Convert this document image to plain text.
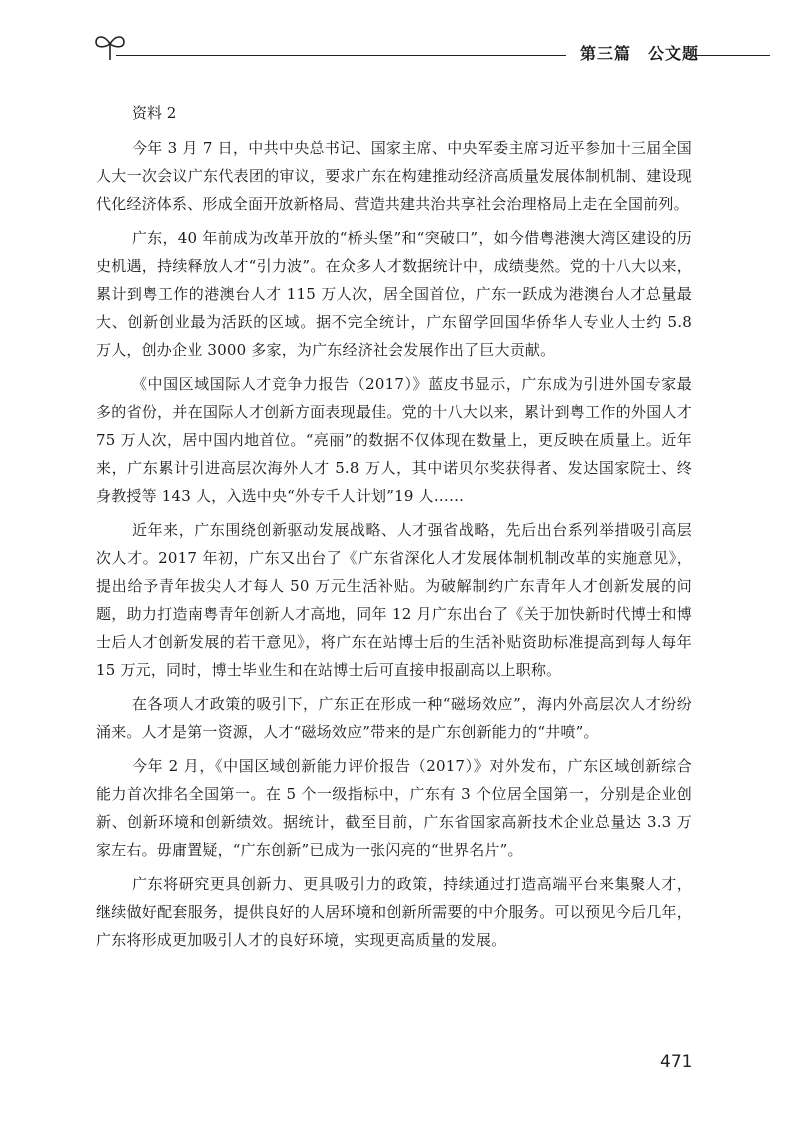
第三篇　公文题
资料 2

今年 3 月 7 日，中共中央总书记、国家主席、中央军委主席习近平参加十三届全国人大一次会议广东代表团的审议，要求广东在构建推动经济高质量发展体制机制、建设现代化经济体系、形成全面开放新格局、营造共建共治共享社会治理格局上走在全国前列。

广东，40 年前成为改革开放的“桥头堡”和“突破口”，如今借粤港澳大湾区建设的历史机遇，持续释放人才“引力波”。在众多人才数据统计中，成绩斐然。党的十八大以来，累计到粤工作的港澳台人才 115 万人次，居全国首位，广东一跃成为港澳台人才总量最大、创新创业最为活跃的区域。据不完全统计，广东留学回国华侨华人专业人士约 5.8 万人，创办企业 3000 多家，为广东经济社会发展作出了巨大贡献。

《中国区域国际人才竞争力报告（2017）》蓝皮书显示，广东成为引进外国专家最多的省份，并在国际人才创新方面表现最佳。党的十八大以来，累计到粤工作的外国人才 75 万人次，居中国内地首位。“亮丽”的数据不仅体现在数量上，更反映在质量上。近年来，广东累计引进高层次海外人才 5.8 万人，其中诺贝尔奖获得者、发达国家院士、终身教授等 143 人，入选中央“外专千人计划”19 人……

近年来，广东围绕创新驱动发展战略、人才强省战略，先后出台系列举措吸引高层次人才。2017 年初，广东又出台了《广东省深化人才发展体制机制改革的实施意见》，提出给予青年拔尖人才每人 50 万元生活补贴。为破解制约广东青年人才创新发展的问题，助力打造南粤青年创新人才高地，同年 12 月广东出台了《关于加快新时代博士和博士后人才创新发展的若干意见》，将广东在站博士后的生活补贴资助标准提高到每人每年 15 万元，同时，博士毕业生和在站博士后可直接申报副高以上职称。

在各项人才政策的吸引下，广东正在形成一种“磁场效应”，海内外高层次人才纷纷涌来。人才是第一资源，人才“磁场效应”带来的是广东创新能力的“井喷”。

今年 2 月，《中国区域创新能力评价报告（2017）》对外发布，广东区域创新综合能力首次排名全国第一。在 5 个一级指标中，广东有 3 个位居全国第一，分别是企业创新、创新环境和创新绩效。据统计，截至目前，广东省国家高新技术企业总量达 3.3 万家左右。毋庸置疑，“广东创新”已成为一张闪亮的“世界名片”。

广东将研究更具创新力、更具吸引力的政策，持续通过打造高端平台来集聚人才，继续做好配套服务，提供良好的人居环境和创新所需要的中介服务。可以预见今后几年，广东将形成更加吸引人才的良好环境，实现更高质量的发展。

471
